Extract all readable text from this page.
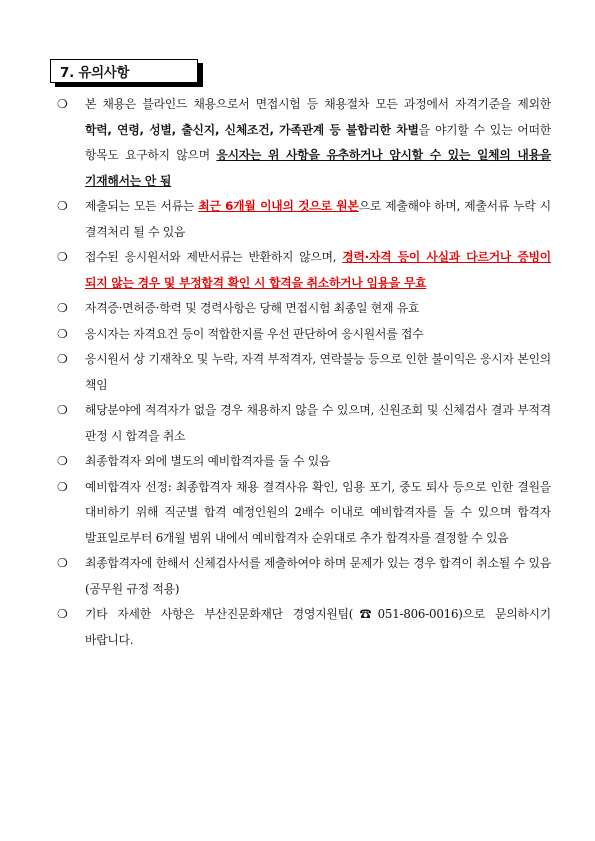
7. 유의사항
❍	본 채용은 블라인드 채용으로서 면접시험 등 채용절차 모든 과정에서 자격기준을 제외한 학력, 연령, 성별, 출신지, 신체조건, 가족관계 등 불합리한 차별을 야기할 수 있는 어떠한 항목도 요구하지 않으며 응시자는 위 사항을 유추하거나 암시할 수 있는 일체의 내용을 기재해서는 안 됨
❍	제출되는 모든 서류는 최근 6개월 이내의 것으로 원본으로 제출해야 하며, 제출서류 누락 시 결격처리 될 수 있음
❍	접수된 응시원서와 제반서류는 반환하지 않으며, 경력·자격 등이 사실과 다르거나 증빙이 되지 않는 경우 및 부정합격 확인 시 합격을 취소하거나 임용을 무효
❍	자격증·면허증·학력 및 경력사항은 당해 면접시험 최종일 현재 유효
❍	응시자는 자격요건 등이 적합한지를 우선 판단하여 응시원서를 접수
❍	응시원서 상 기재착오 및 누락, 자격 부적격자, 연락불능 등으로 인한 불이익은 응시자 본인의 책임
❍	해당분야에 적격자가 없을 경우 채용하지 않을 수 있으며, 신원조회 및 신체검사 결과 부적격 판정 시 합격을 취소
❍	최종합격자 외에 별도의 예비합격자를 둘 수 있음
❍	예비합격자 선정: 최종합격자 채용 결격사유 확인, 임용 포기, 중도 퇴사 등으로 인한 결원을 대비하기 위해 직군별 합격 예정인원의 2배수 이내로 예비합격자를 둘 수 있으며 합격자 발표일로부터 6개월 범위 내에서 예비합격자 순위대로 추가 합격자를 결정할 수 있음
❍	최종합격자에 한해서 신체검사서를 제출하여야 하며 문제가 있는 경우 합격이 취소될 수 있음(공무원 규정 적용)
❍	기타 자세한 사항은 부산진문화재단 경영지원팀(☎051-806-0016)으로 문의하시기 바랍니다.
